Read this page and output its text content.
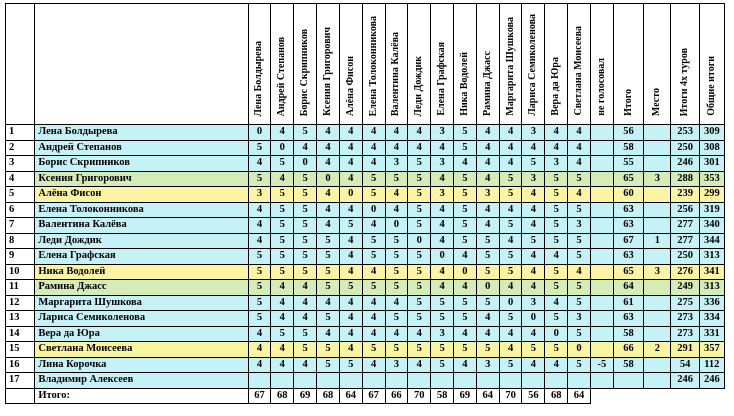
		Лена Болдырева	Андрей Степанов	Борис Скрипников	Ксения Григорович	Алёна Фисон	Елена Толоконникова	Валентина Калёва	Леди Дождик	Елена Графская	Ника Водолей	Рамина Джасс	Маргарита Шушкова	Лариса Семиколенова	Вера да Юра	Светлана Моисеева	не голосовал	Итого	Место	Итоги 4х туров	Общие итоги
1	Лена Болдырева	0	4	5	4	4	4	4	4	3	5	4	4	3	4	4		56		253	309
2	Андрей Степанов	5	0	4	4	4	4	4	4	4	5	4	4	4	4	4		58		250	308
3	Борис Скрипников	4	5	0	4	4	4	3	5	3	4	4	4	5	3	4		55		246	301
4	Ксения Григорович	5	4	5	0	4	5	5	5	4	5	4	5	3	5	5		65	3	288	353
5	Алёна Фисон	3	5	5	4	0	5	4	5	3	5	3	5	4	5	4		60		239	299
6	Елена Толоконникова	4	5	5	4	4	0	4	5	4	5	4	4	4	5	5		63		256	319
7	Валентина Калёва	4	5	5	4	5	4	0	5	4	5	4	5	4	5	3		63		277	340
8	Леди Дождик	4	5	5	5	4	5	5	0	4	5	5	4	5	5	5		67	1	277	344
9	Елена Графская	5	5	5	5	4	5	5	5	0	4	5	5	4	4	5		63		250	313
10	Ника Водолей	5	5	5	5	4	4	5	5	4	0	5	5	4	5	4		65	3	276	341
11	Рамина Джасс	5	4	4	5	5	5	5	5	4	4	0	4	4	5	5		64		249	313
12	Маргарита Шушкова	5	4	4	4	4	4	4	5	5	5	5	0	3	4	5		61		275	336
13	Лариса Семиколенова	5	4	4	5	4	4	5	5	5	5	4	5	0	5	3		63		273	334
14	Вера да Юра	4	5	5	4	4	4	4	4	3	4	4	4	4	0	5		58		273	331
15	Светлана Моисеева	4	4	5	5	4	5	5	5	5	5	5	4	5	5	0		66	2	291	357
16	Лина Корочка	4	4	4	5	5	4	3	4	5	4	3	5	4	4	5	-5	58		54	112
17	Владимир Алексеев																			246	246
	Итого:	67	68	69	68	64	67	66	70	58	69	64	70	56	68	64					
